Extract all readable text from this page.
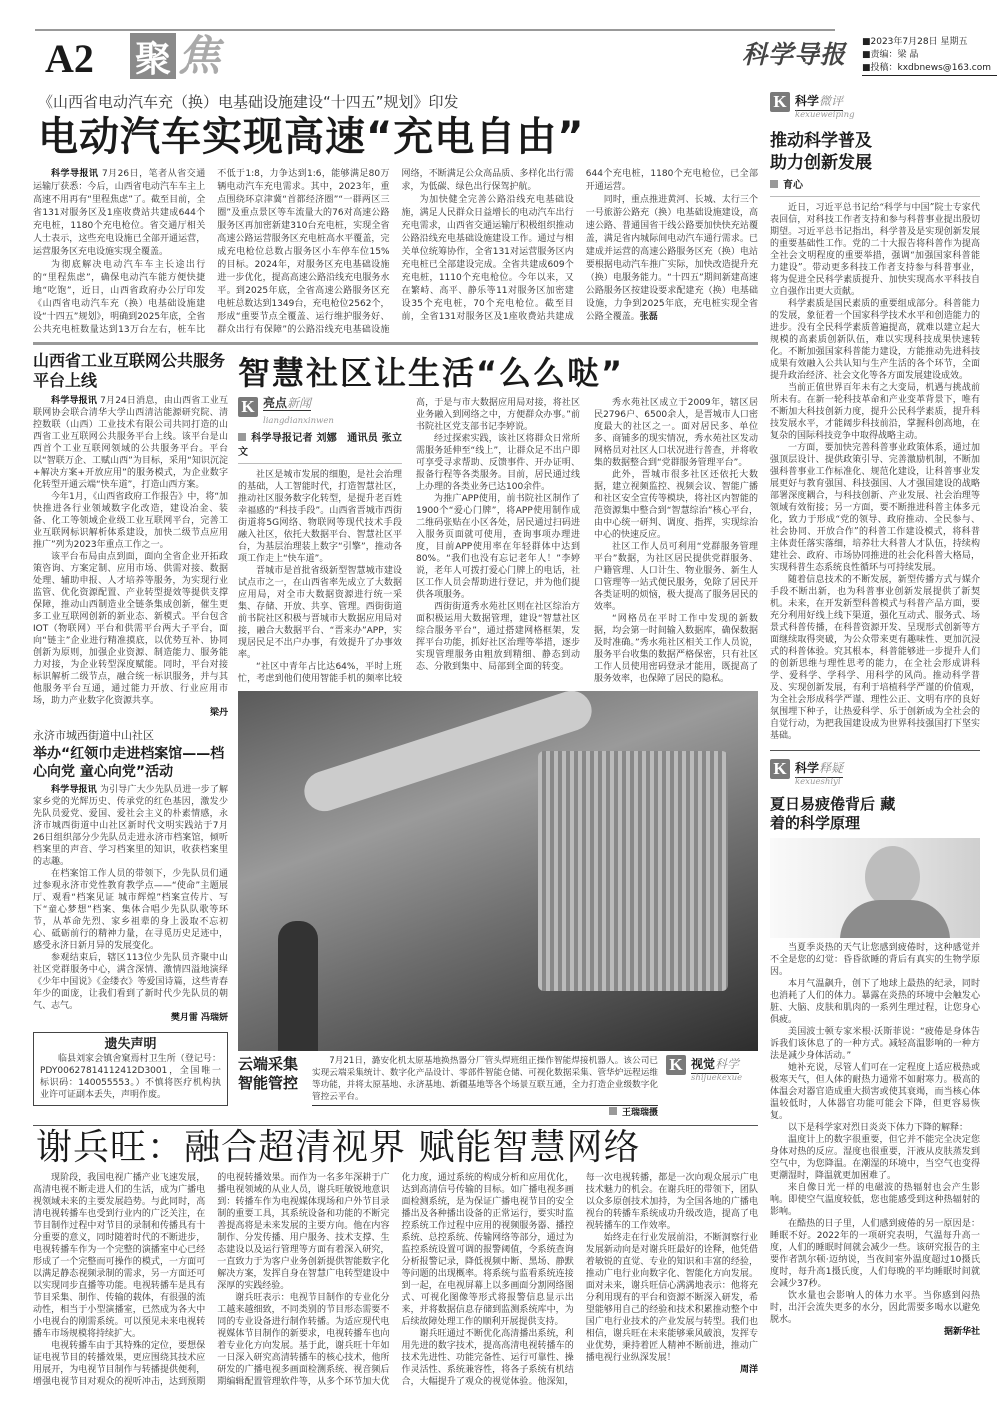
A2 聚 焦	科学导报 ■2023年7月28日 星期五
■责编：梁 晶
■投稿：kxdbnews@163.com
《山西省电动汽车充（换）电基础设施建设“十四五”规划》印发
电动汽车实现高速“充电自由”

科学导报讯 7月26日，笔者从省交通运输厅获悉：今后，山西省电动汽车车主上高速不用再有“里程焦虑”了。截至目前，全省131对服务区及1座收费站共建成644个充电桩，1180个充电枪位。省交通厅相关人士表示，这些充电设施已全部开通运营，运营服务区充电设施实现全覆盖。

为彻底解决电动汽车车主长途出行的“里程焦虑”，确保电动汽车能方便快捷地“吃饱”，近日，山西省政府办公厅印发《山西省电动汽车充（换）电基础设施建设“十四五”规划》，明确到2025年底，全省公共充电桩数量达到13万台左右，桩车比不低于1:8，力争达到1:6，能够满足80万辆电动汽车充电需求。其中，2023年，重点围绕环京津冀“首都经济圈”“一群两区三圈”及重点景区等车流量大的76对高速公路服务区再加密新建310台充电桩，实现全省高速公路运营服务区充电桩高水平覆盖，完成充电枪位总数占服务区小车停车位15%的目标。2024年，对服务区充电基础设施进一步优化，提高高速公路沿线充电服务水平。到2025年底，全省高速公路服务区充电桩总数达到1349台，充电枪位2562个，形成“重要节点全覆盖、运行维护服务好、群众出行有保障”的公路沿线充电基础设施网络，不断满足公众高品质、多样化出行需求，为低碳、绿色出行保驾护航。

为加快健全完善公路沿线充电基础设施，满足人民群众日益增长的电动汽车出行充电需求，山西省交通运输厅积极组织推动公路沿线充电基础设施建设工作。通过与相关单位统筹协作，全省131对运营服务区内充电桩已全部建设完成。全省共建成609个充电桩，1110个充电枪位。今年以来，又在繁峙、高平、静乐等11对服务区加密建设35个充电桩，70个充电枪位。截至目前，全省131对服务区及1座收费站共建成644个充电桩，1180个充电枪位，已全部开通运营。

同时，重点推进黄河、长城、太行三个一号旅游公路充（换）电基础设施建设，高速公路、普通国省干线公路要加快快充站覆盖，满足省内城际间电动汽车通行需求。已建成并运营的高速公路服务区充（换）电站要根据电动汽车推广实际，加快改造提升充（换）电服务能力。“十四五”期间新建高速公路服务区按建设要求配建充（换）电基础设施，力争到2025年底，充电桩实现全省公路全覆盖。张磊

山西省工业互联网公共服务平台上线

科学导报讯 7月24日消息，由山西省工业互联网协会联合清华大学山西清洁能源研究院、清控数联（山西）工业技术有限公司共同打造的山西省工业互联网公共服务平台上线。该平台是山西首个工业互联网领域的公共服务平台。平台以“智联万企、工赋山西”为目标，采用“知识沉淀+解决方案+开放应用”的服务模式，为企业数字化转型开通云端“快车道”，打造山西方案。

今年1月，《山西省政府工作报告》中，将“加快推进各行业领域数字化改造，建设冶金、装备、化工等领域企业级工业互联网平台，完善工业互联网标识解析体系建设，加快二级节点应用推广”列为2023年重点工作之一。

该平台布局由点到面，面向全省企业开拓政策咨询、方案定制、应用市场、供需对接、数据处理、辅助申报、人才培养等服务，为实现行业监管、优化资源配置、产业转型提效等提供支撑保障，推动山西制造业全链条集成创新，催生更多工业互联网创新的新业态、新模式。平台包含IOT（物联网）平台和供需平台两大子平台，面向“链主”企业进行精准摸底，以优势互补、协同创新为原则，加强企业资源、制造能力、服务能力对接，为企业转型深度赋能。同时，平台对接标识解析二级节点，融合统一标识服务，并与其他服务平台互通，通过能力开放、行业应用市场，助力产业数字化资源共享。

梁丹
永济市城西街道中山社区
举办“红领巾走进档案馆——档心向党 童心向党”活动

科学导报讯 为引导广大少先队员进一步了解家乡党的光辉历史、传承党的红色基因，激发少先队员爱党、爱国、爱社会主义的朴素情感，永济市城西街道中山社区新时代文明实践站于7月26日组织部分少先队员走进永济市档案馆，倾听档案里的声音、学习档案里的知识，收获档案里的志趣。

在档案馆工作人员的带领下，少先队员们通过参观永济市党性教育教学点——“使命”主题展厅、观看“档案见证 城市辉煌”档案宣传片、写下“童心梦想”档案、集体合唱少先队队歌等环节，从革命先烈、家乡祖辈的身上汲取不忘初心、砥砺前行的精神力量，在寻觅历史足迹中，感受永济日新月异的发展变化。

参观结束后，辖区113位少先队员齐聚中山社区党群服务中心，满含深情、激情四溢地演绎《少年中国说》《金缕衣》等爱国诗篇，这些青春年少的面庞，让我们看到了新时代少先队员的朝气、志气。

樊月雷 冯瑞妍
遗失声明
临县刘家会镇舍窠焉村卫生所（登记号：PDY00627814112412D3001，全国唯一标识码：140055553。）不慎将医疗机构执业许可证副本丢失，声明作废。
智慧社区让生活“么么哒”
K 亮点新闻
liangdianxinwen
科学导报记者 刘娜　通讯员 张立文

社区是城市发展的细胞，是社会治理的基础，人工智能时代，打造智慧社区，推动社区服务数字化转型，是提升老百姓幸福感的“科技手段”。山西省晋城市西街街道将5G网络、物联网等现代技术手段融入社区，依托大数据平台、智慧社区平台，为基层治理装上数字“引擎”，推动各项工作走上“快车道”。

晋城市是首批省级新型智慧城市建设试点市之一，在山西省率先成立了大数据应用局，对全市大数据资源进行统一采集、存储、开放、共享、管理。西街街道前书院社区积极与晋城市大数据应用局对接，融合大数据平台、“晋来办”APP，实现居民足不出户办事，有效提升了办事效率。

“社区中青年占比达64%，平时上班忙，考虑到他们使用智能手机的频率比较高，于是与市大数据应用局对接，将社区业务融入到网络之中，方便群众办事。”前书院社区党支部书记李婷说。

经过探索实践，该社区将群众日常所需服务延伸至“线上”，让群众足不出户即可享受寻求帮助、反馈事件、开办证明、报备行程等各类服务。目前，居民通过线上办理的各类业务已达100余件。

为推广APP使用，前书院社区制作了1900个“爱心门牌”，将APP使用制作成二维码张贴在小区各处，居民通过扫码进入服务页面就可使用，查询事项办理进度，目前APP使用率在年轻群体中达到80%。“我们也没有忘记老年人！”李婷说，老年人可拨打爱心门牌上的电话，社区工作人员会帮助进行登记，并为他们提供各项服务。

西街街道秀水苑社区则在社区综治方面积极运用大数据管理，建设“智慧社区综合服务平台”，通过搭建网格框架，发挥平台功能，抓好社区治理等举措，逐步实现管理服务由粗放到精细、静态到动态、分散到集中、局部到全面的转变。

秀水苑社区成立于2009年，辖区居民2796户、6500余人，是晋城市人口密度最大的社区之一。面对居民多、单位多、商铺多的现实情况，秀水苑社区发动网格员对社区人口状况进行普查，并将收集的数据整合到“党群服务管理平台”。

此外，晋城市很多社区还依托大数据，建立视频监控、视频会议、智能广播和社区安全宣传等模块，将社区内智能的范资源集中整合到“智慧综治”核心平台，由中心统一研判、调度、指挥，实现综治中心的快速反应。

社区工作人员可利用“党群服务管理平台”数据，为社区居民提供党群服务、户籍管理、人口计生、物业服务、新生人口管理等一站式便民服务，免除了居民开各类证明的烦恼，极大提高了服务居民的效率。

“网格员在平时工作中发现的新数据，均会第一时间输入数据库，确保数据及时准确。”秀水苑社区相关工作人员说，服务平台收集的数据严格保密，只有社区工作人员使用密码登录才能用，既提高了服务效率，也保障了居民的隐私。

云端采集
智能管控
7月21日，潞安化机太原基地换热器分厂管头焊班组正操作智能焊接机器人。该公司已实现云端采集统计、数字化产品设计、零部件智能仓储、可视化数据采集、管华炉远程运维等功能，并将太原基地、永济基地、新疆基地等各个场景互联互通，全力打造企业级数字化管控云平台。
王瑞瑞摄
K 视觉科学
shijuekexue
谢兵旺：融合超清视界 赋能智慧网络

现阶段，我国电视广播产业飞速发展，高清电视不断走进人们的生活，成为广播电视领域未来的主要发展趋势。与此同时，高清电视转播车也受到行业内的广泛关注，在节目制作过程中对节目的录制和传播具有十分重要的意义，同时随着时代的不断进步，电视转播车作为一个完整的演播室中心已经形成了一个完整而可操作的模式，一方面可以满足静态视频录制的需求，另一方面还可以实现同步直播等功能。电视转播车是具有节目采集、制作、传输的载体，有很强的流动性，相当于小型演播室，已然成为各大中小电视台的刚需系统。可以预见未来电视转播车市场规模将持续扩大。

电视转播车由于其特殊的定位，要想保证电视节目的转播效果，更应围绕其技术应用展开，为电视节目制作与转播提供便利，增强电视节目对观众的视听冲击，达到预期的电视转播效果。而作为一名多年深耕于广播电视领域的从业人员，谢兵旺敏锐地意识到：转播车作为电视媒体现场和户外节目录制的重要工具，其系统设备和功能的不断完善提高将是未来发展的主要方向。他在内容制作、分发传播、用户服务、技术支撑、生态建设以及运行管理等方面有着深入研究，一直致力于为客户业务创新提供智能数字化解决方案，发挥自身在智慧广电转型建设中深厚的实践经验。

谢兵旺表示：电视节目制作的专业化分工越来越细致，不同类别的节目形态需要不同的专业设备进行制作转播。为适应现代电视媒体节目制作的新要求，电视转播车也向着专业化方向发展。基于此，谢兵旺十年如一日深入研究高清转播车的核心技术，他所研发的广播电视多画面检测系统、视音频后期编辑配置管理软件等，从多个环节加大优化力度，通过系统的构成分析和应用优化，达到高清信号传输的目标。如广播电视多画面检测系统，是为保证广播电视节目的安全播出及各种播出设备的正常运行，要实时监控系统工作过程中应用的视频服务器、播控系统、总控系统、传输网络等部分，通过为监控系统设置可调的报警阈值，令系统查询分析报警记录，降低视频中断、黑场、静默等问题的出现概率。将系统与监看系统连接到一起，在电视屏幕上以多画面分割网络图式、可视化图像等形式将报警信息显示出来，并将数据信息存储到监测系统库中，为后续故障处理工作的顺利开展提供支持。

谢兵旺通过不断优化高清播出系统，利用先进的数字技术，提高高清电视转播车的技术先进性、功能完备性、运行可靠性、操作灵活性、系统兼容性，将各子系统有机结合，大幅提升了观众的视觉体验。他深知，每一次电视转播，都是一次向观众展示广电技术魅力的机会。在谢兵旺的带领下，团队以众多原创技术加持，为全国各地的广播电视台的转播车系统成功升级改造，提高了电视转播车的工作效率。

始终走在行业发展前沿，不断洞察行业发展新动向是对谢兵旺最好的诠释，他凭借着敏锐的直觉、专业的知识和丰富的经验，推动广电行业向数字化、智能化方向发展。面对未来，谢兵旺信心满满地表示：他将充分利用现有的平台和资源不断深入研发，希望能够用自己的经验和技术积累推动整个中国广电行业技术的产业发展与转型。我们也相信，谢兵旺在未来能够乘风破浪，发挥专业优势，秉持着匠人精神不断前进，推动广播电视行业纵深发展！

周洋
K 科学微评
kexueweiping
推动科学普及 助力创新发展
育心

近日，习近平总书记给“科学与中国”院士专家代表回信，对科技工作者支持和参与科普事业提出殷切期望。习近平总书记指出，科学普及是实现创新发展的重要基础性工作。党的二十大报告将科普作为提高全社会文明程度的重要举措，强调“加强国家科普能力建设”。带动更多科技工作者支持参与科普事业，将为促进全民科学素质提升、加快实现高水平科技自立自强作出更大贡献。

科学素质是国民素质的重要组成部分。科普能力的发展，象征着一个国家科学技术水平和创造能力的进步。没有全民科学素质普遍提高，就难以建立起大规模的高素质创新队伍，难以实现科技成果快速转化。不断加强国家科普能力建设，方能推动先进科技成果有效融入公共认知与生产生活的各个环节，全面提升政治经济、社会文化等各方面发展建设成效。

当前正值世界百年未有之大变局，机遇与挑战前所未有。在新一轮科技革命和产业变革背景下，唯有不断加大科技创新力度，提升公民科学素质，提升科技发展水平，才能阔步科技前沿，掌握科创高地，在复杂的国际科技竞争中取得战略主动。

一方面，要加快完善科普事业政策体系，通过加强顶层设计、提供政策引导、完善激励机制，不断加强科普事业工作标准化、规范化建设，让科普事业发展更好与教育强国、科技强国、人才强国建设的战略部署深度耦合，与科技创新、产业发展、社会治理等领域有效衔接；另一方面，要不断推进科普主体多元化，致力于形成“党的领导、政府推动、全民参与、社会协同、开放合作”的科普工作建设模式，将科普主体责任落实落细，培养壮大科普人才队伍，持续构建社会、政府、市场协同推进的社会化科普大格局，实现科普生态系统良性循环与可持续发展。

随着信息技术的不断发展，新型传播方式与媒介手段不断出新，也为科普事业创新发展提供了新契机。未来，在开发新型科普模式与科普产品方面，要充分利用好线上线下渠道，强化互动式、服务式、场景式科普传播，在科普资源开发、呈现形式创新等方面继续取得突破，为公众带来更有趣味性、更加沉浸式的科普体验。究其根本，科普能够进一步提升人们的创新思维与理性思考的能力，在全社会形成讲科学、爱科学、学科学、用科学的风尚。推动科学普及、实现创新发展，有利于培植科学严谨的价值观，为全社会形成科学严谨、理性公正、文明有序的良好氛围埋下种子，让热爱科学、乐于创新成为全社会的自觉行动，为把我国建设成为世界科技强国打下坚实基础。

K 科学释疑
kexueshiyi
夏日易疲倦背后 藏着的科学原理

当夏季炎热的天气让您感到疲倦时，这种感觉并不全是您的幻觉：昏昏欲睡的背后有真实的生物学原因。

本月气温飙升，创下了地球上最热的纪录，同时也消耗了人们的体力。暴露在炎热的环境中会触发心脏、大脑、皮肤和肌肉的一系列生理过程，让您身心俱疲。

美国波士顿专家米根·沃斯菲说：“疲倦是身体告诉我们该休息了的一种方式。减轻高温影响的一种方法是减少身体活动。”

她补充说，尽管人们可在一定程度上适应极热或极寒天气，但人体的耐热力通常不如耐寒力。极高的体温会对器官造成重大损害或使其衰竭，而当核心体温较低时，人体器官功能可能会下降，但更容易恢复。

以下是科学家对烈日炎炎下体力下降的解释：

温度计上的数字很重要，但它并不能完全决定您身体对热的反应。湿度也很重要，汗液从皮肤蒸发到空气中，为您降温。在潮湿的环境中，当空气也变得更潮湿时，降温就更加困难了。

来自像日光一样的电磁波的热辐射也会产生影响。即使空气温度较低，您也能感受到这种热辐射的影响。

在酷热的日子里，人们感到疲倦的另一原因是：睡眠不好。2022年的一项研究表明，气温每升高一度，人们的睡眠时间就会减少一些。该研究报告的主要作者凯尔顿·迈纳说，当夜间室外温度超过10摄氏度时，每升高1摄氏度，人们每晚的平均睡眠时间就会减少37秒。

饮水量也会影响人的体力水平。当你感到闷热时，出汗会流失更多的水分，因此需要多喝水以避免脱水。

据新华社
